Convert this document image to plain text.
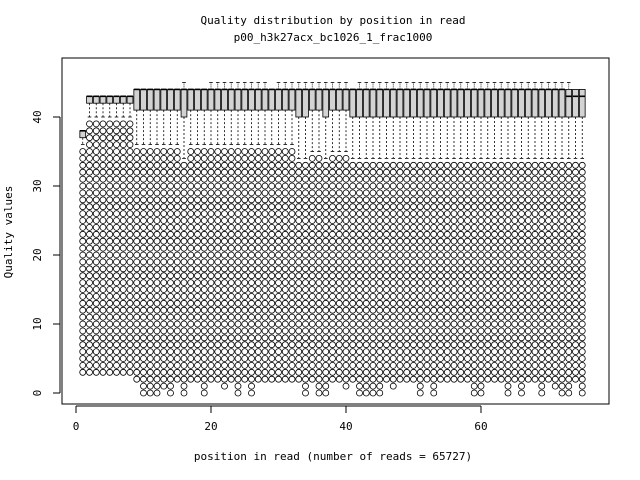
Quality distribution by position in read
p00_h3k27acx_bc1026_1_frac1000
0	20	40	60
0
10
20
30
40
position in read (number of reads = 65727)
Quality values
